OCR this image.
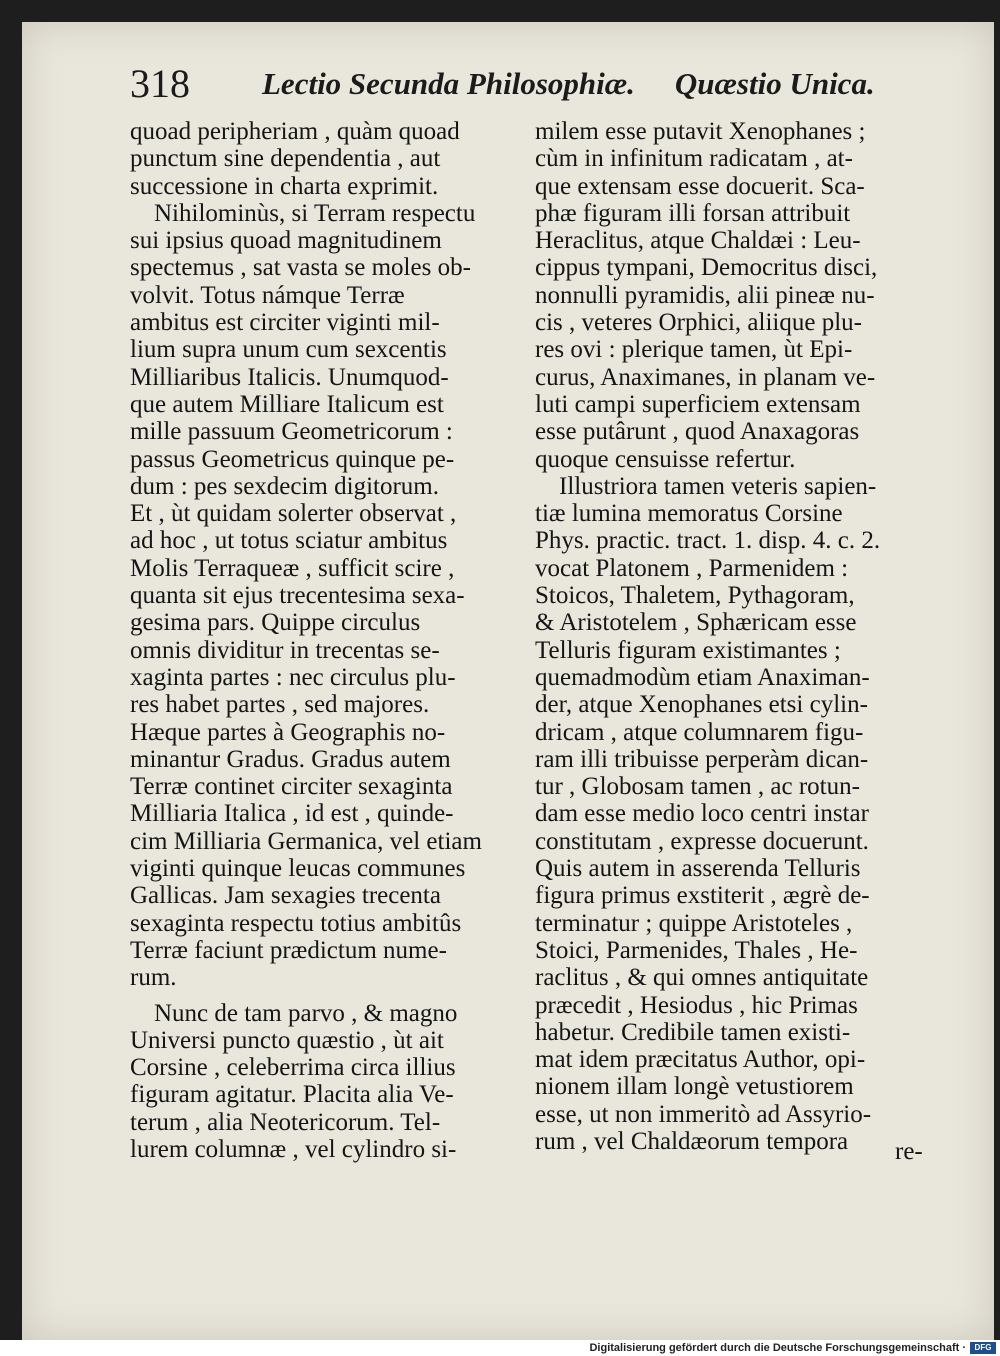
318 Lectio Secunda Philosophiæ. Quæstio Unica.
quoad peripheriam , quàm quoad
punctum sine dependentia , aut
successione in charta exprimit.
Nihilominùs, si Terram respectu
sui ipsius quoad magnitudinem
spectemus , sat vasta se moles ob-
volvit. Totus námque Terræ
ambitus est circiter viginti mil-
lium supra unum cum sexcentis
Milliaribus Italicis. Unumquod-
que autem Milliare Italicum est
mille passuum Geometricorum :
passus Geometricus quinque pe-
dum : pes sexdecim digitorum.
Et , ùt quidam solerter observat ,
ad hoc , ut totus sciatur ambitus
Molis Terraqueæ , sufficit scire ,
quanta sit ejus trecentesima sexa-
gesima pars. Quippe circulus
omnis dividitur in trecentas se-
xaginta partes : nec circulus plu-
res habet partes , sed majores.
Hæque partes à Geographis no-
minantur Gradus. Gradus autem
Terræ continet circiter sexaginta
Milliaria Italica , id est , quinde-
cim Milliaria Germanica, vel etiam
viginti quinque leucas communes
Gallicas. Jam sexagies trecenta
sexaginta respectu totius ambitûs
Terræ faciunt prædictum nume-
rum.
Nunc de tam parvo , & magno
Universi puncto quæstio , ùt ait
Corsine , celeberrima circa illius
figuram agitatur. Placita alia Ve-
terum , alia Neotericorum. Tel-
lurem columnæ , vel cylindro si-
milem esse putavit Xenophanes ;
cùm in infinitum radicatam , at-
que extensam esse docuerit. Sca-
phæ figuram illi forsan attribuit
Heraclitus, atque Chaldæi : Leu-
cippus tympani, Democritus disci,
nonnulli pyramidis, alii pineæ nu-
cis , veteres Orphici, aliique plu-
res ovi : plerique tamen, ùt Epi-
curus, Anaximanes, in planam ve-
luti campi superficiem extensam
esse putârunt , quod Anaxagoras
quoque censuisse refertur.
Illustriora tamen veteris sapien-
tiæ lumina memoratus Corsine
Phys. practic. tract. 1. disp. 4. c. 2.
vocat Platonem , Parmenidem :
Stoicos, Thaletem, Pythagoram,
& Aristotelem , Sphæricam esse
Telluris figuram existimantes ;
quemadmodùm etiam Anaximan-
der, atque Xenophanes etsi cylin-
dricam , atque columnarem figu-
ram illi tribuisse perperàm dican-
tur , Globosam tamen , ac rotun-
dam esse medio loco centri instar
constitutam , expresse docuerunt.
Quis autem in asserenda Telluris
figura primus exstiterit , ægrè de-
terminatur ; quippe Aristoteles ,
Stoici, Parmenides, Thales , He-
raclitus , & qui omnes antiquitate
præcedit , Hesiodus , hic Primas
habetur. Credibile tamen existi-
mat idem præcitatus Author, opi-
nionem illam longè vetustiorem
esse, ut non immeritò ad Assyrio-
rum , vel Chaldæorum tempora	re-
Digitalisierung gefördert durch die Deutsche Forschungsgemeinschaft ·	DFG
